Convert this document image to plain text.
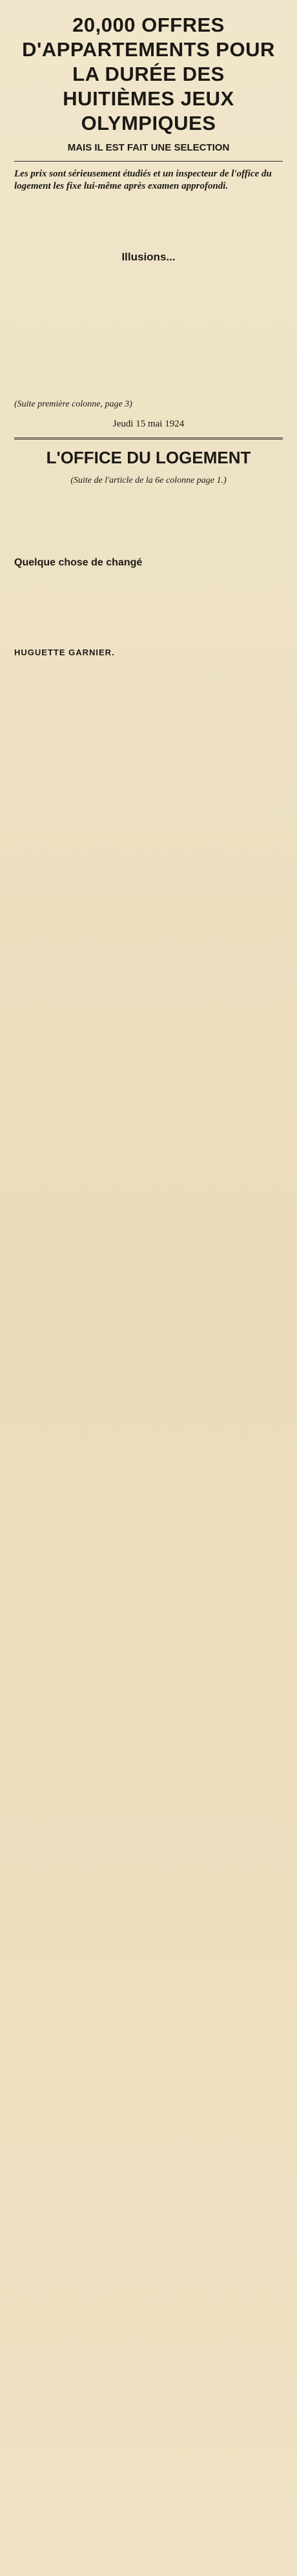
20,000 OFFRES D'APPARTEMENTS POUR LA DURÉE DES HUITIÈMES JEUX OLYMPIQUES
MAIS IL EST FAIT UNE SELECTION

Les prix sont sérieusement étudiés et un inspecteur de l'office du logement les fixe lui-même après examen approfondi.

Illusions...

(Suite première colonne, page 3)

Jeudi 15 mai 1924
L'OFFICE DU LOGEMENT

(Suite de l'article de la 6e colonne page 1.)

Quelque chose de changé

HUGUETTE GARNIER.
